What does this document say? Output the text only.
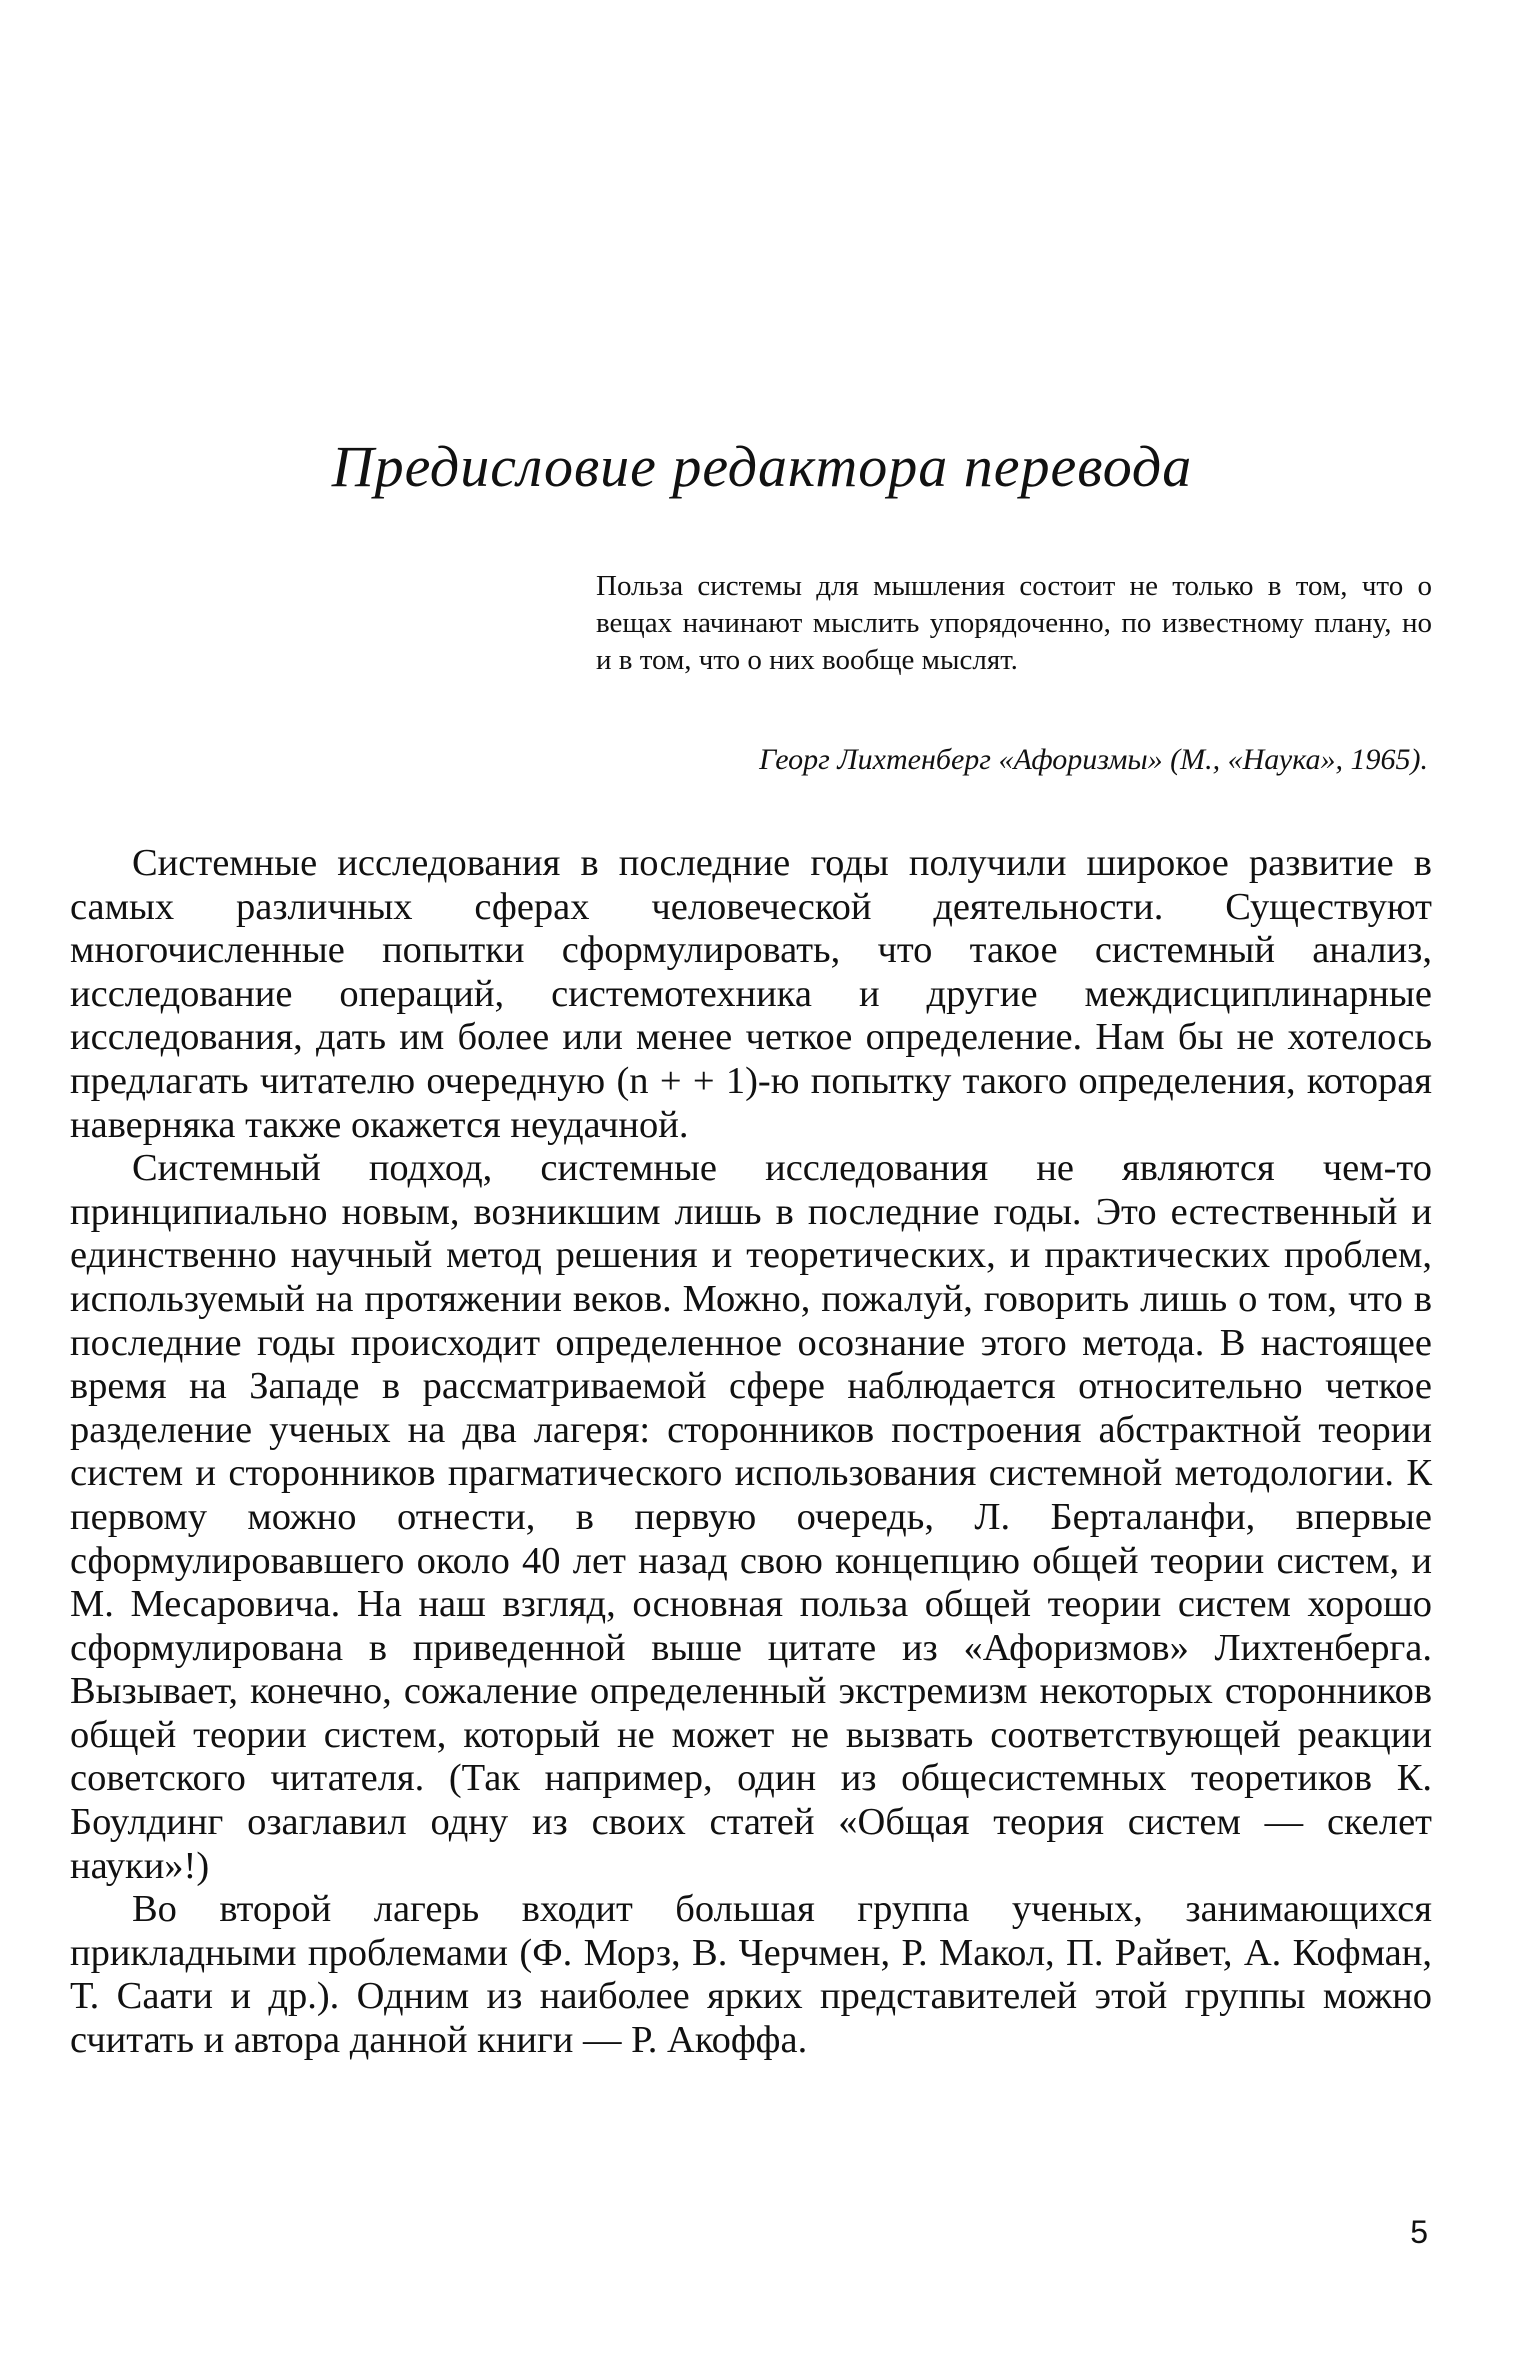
Предисловие редактора перевода

Польза системы для мышления состоит не только в том, что о вещах начинают мыслить упорядоченно, по известному плану, но и в том, что о них вообще мыслят.

Георг Лихтенберг «Афоризмы» (М., «Наука», 1965).

Системные исследования в последние годы получили широкое развитие в самых различных сферах человеческой деятельности. Существуют многочисленные попытки сформулировать, что такое системный анализ, исследование операций, системотехника и другие междисциплинарные исследования, дать им более или менее четкое определение. Нам бы не хотелось предлагать читателю очередную (n + + 1)-ю попытку такого определения, которая наверняка также окажется неудачной.

Системный подход, системные исследования не являются чем-то принципиально новым, возникшим лишь в последние годы. Это естественный и единственно научный метод решения и теоретических, и практических проблем, используемый на протяжении веков. Можно, пожалуй, говорить лишь о том, что в последние годы происходит определенное осознание этого метода. В настоящее время на Западе в рассматриваемой сфере наблюдается относительно четкое разделение ученых на два лагеря: сторонников построения абстрактной теории систем и сторонников прагматического использования системной методологии. К первому можно отнести, в первую очередь, Л. Берталанфи, впервые сформулировавшего около 40 лет назад свою концепцию общей теории систем, и М. Месаровича. На наш взгляд, основная польза общей теории систем хорошо сформулирована в приведенной выше цитате из «Афоризмов» Лихтенберга. Вызывает, конечно, сожаление определенный экстремизм некоторых сторонников общей теории систем, который не может не вызвать соответствующей реакции советского читателя. (Так например, один из общесистемных теоретиков К. Боулдинг озаглавил одну из своих статей «Общая теория систем — скелет науки»!)

Во второй лагерь входит большая группа ученых, занимающихся прикладными проблемами (Ф. Морз, В. Черчмен, Р. Макол, П. Райвет, А. Кофман, Т. Саати и др.). Одним из наиболее ярких представителей этой группы можно считать и автора данной книги — Р. Акоффа.

5
